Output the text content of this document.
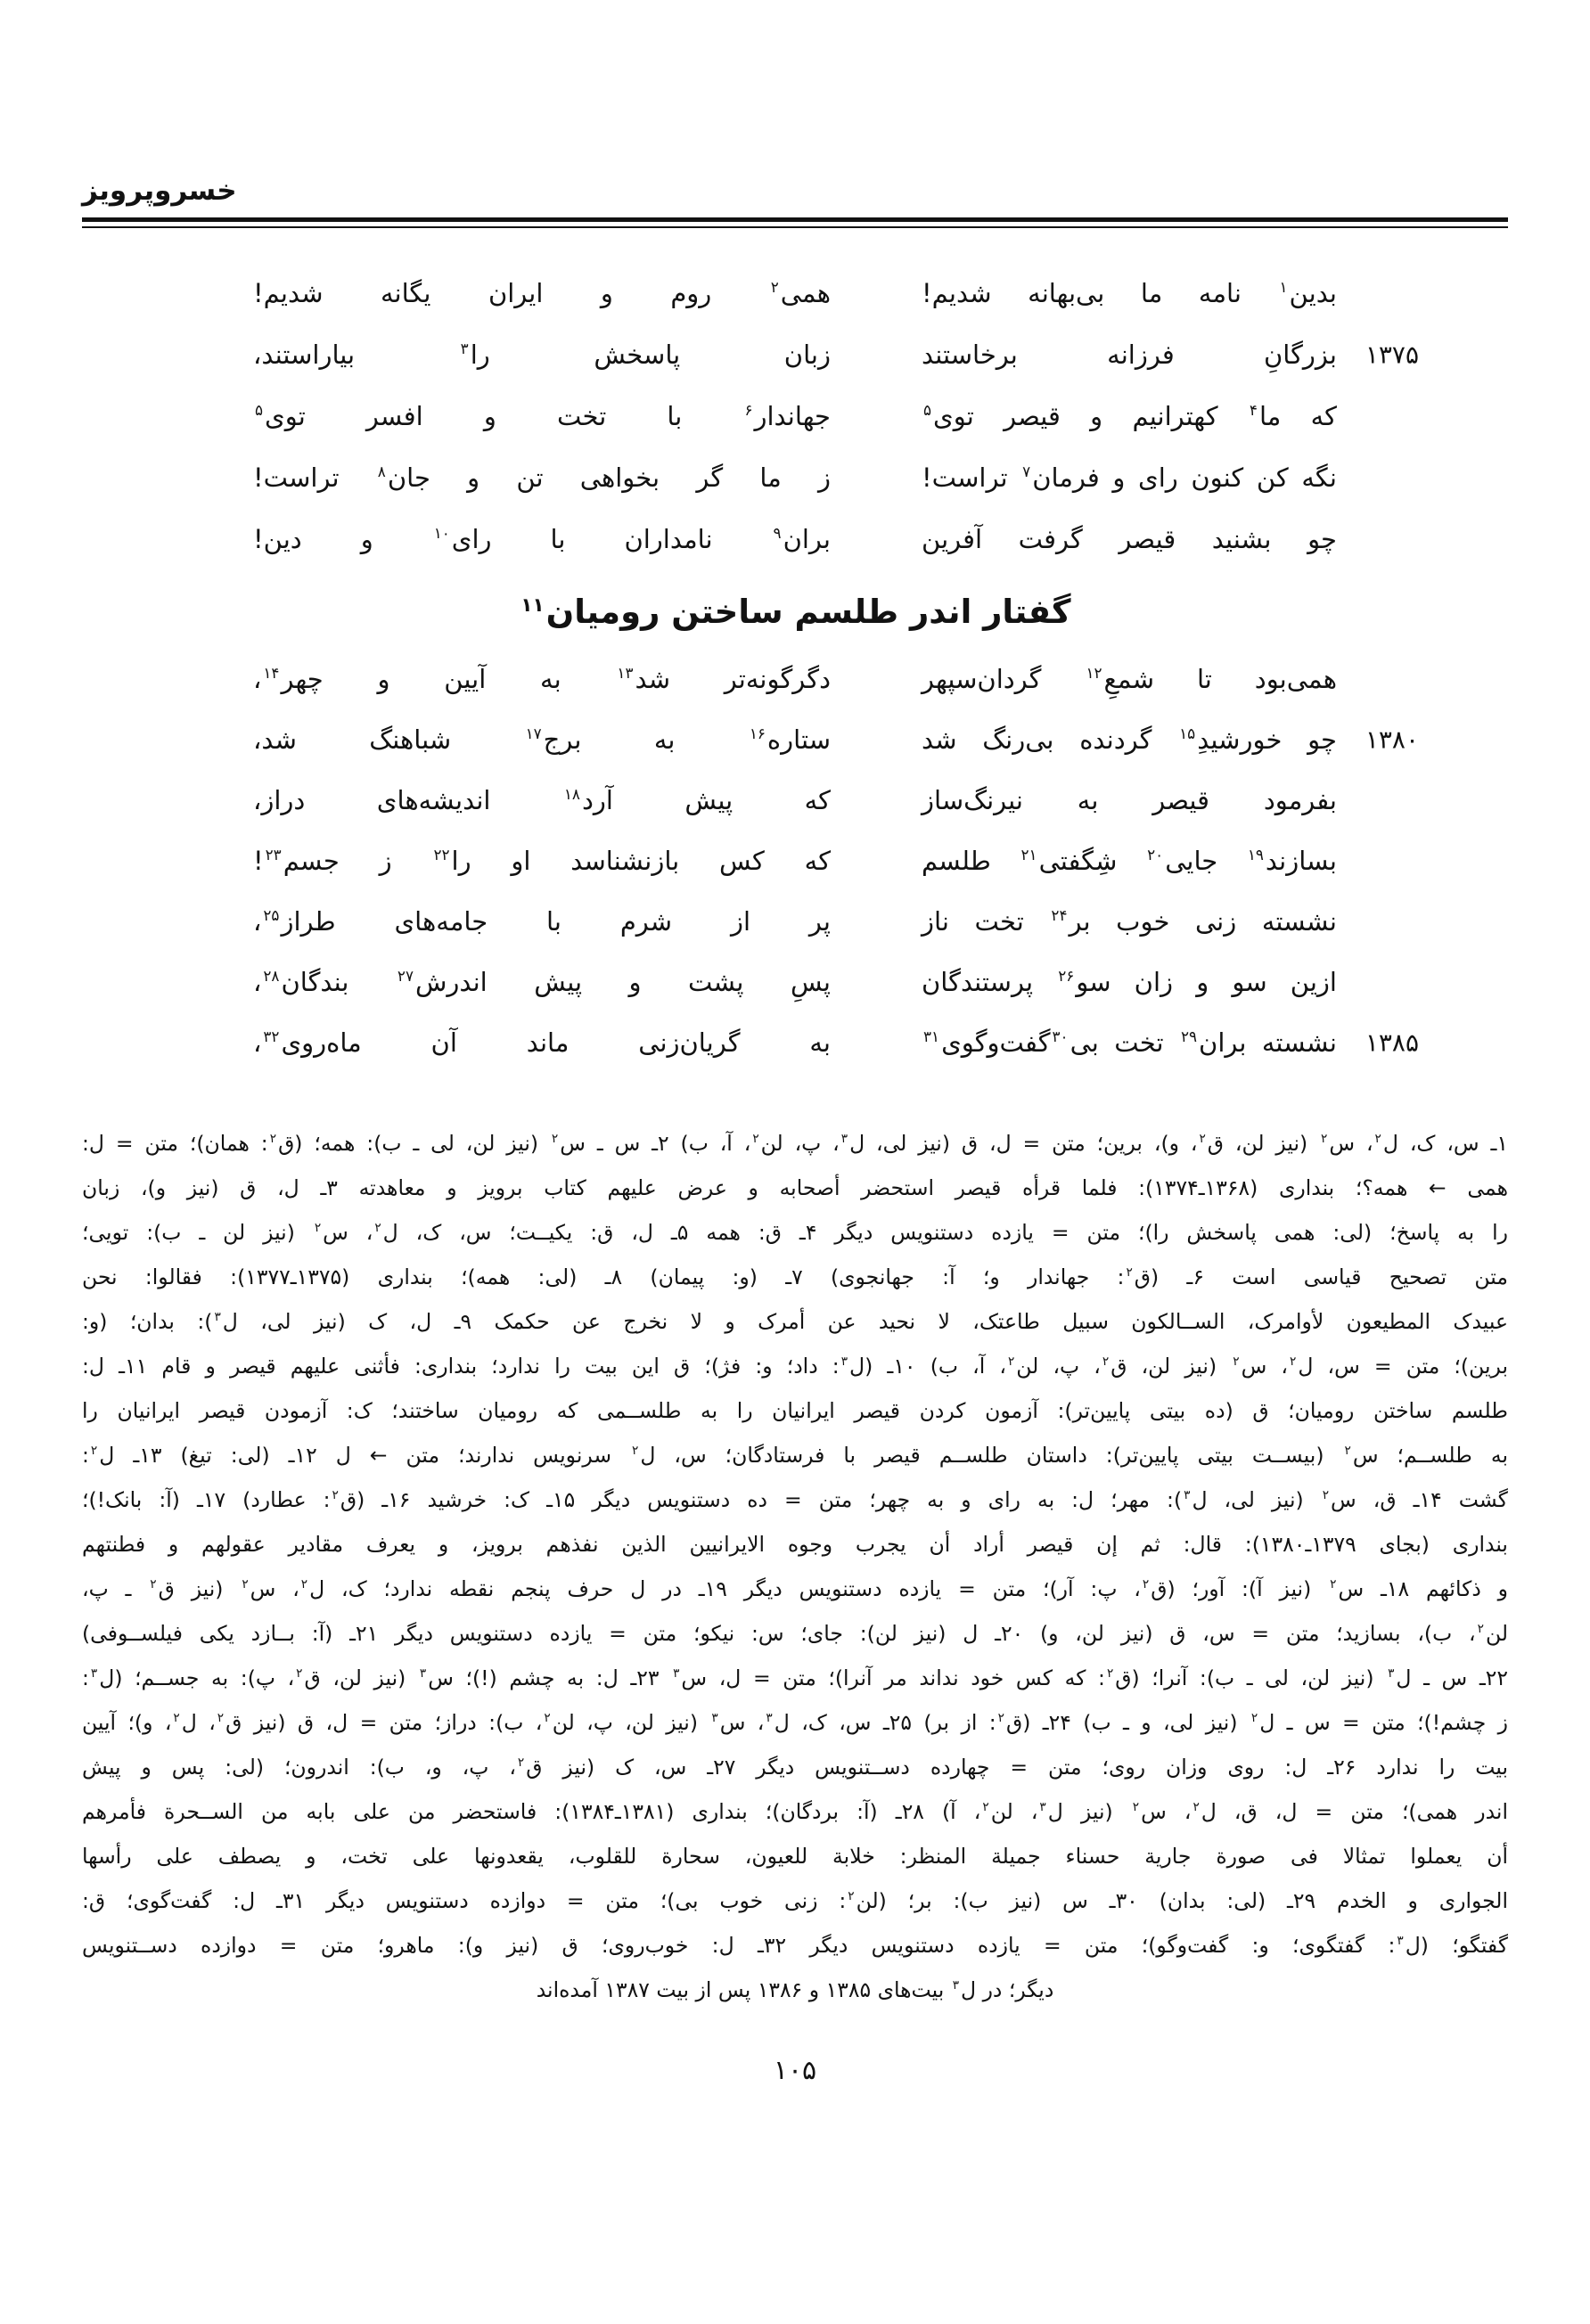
خسروپرویز
بدین$^۱$ نامه ما بی‌بهانه شدیم!
همی$^۲$ روم و ایران یگانه شدیم!
۱۳۷۵
بزرگانِ فرزانه برخاستند
زبان پاسخش را$^۳$ بیاراستند،
که ما$^۴$ کهترانیم و قیصر توی$^۵$
جهاندار$^۶$ با تخت و افسر توی$^۵$
نگه کن کنون رای و فرمان$^۷$ تراست!
ز ما گر بخواهی تن و جان$^۸$ تراست!
چو بشنید قیصر گرفت آفرین
بران$^۹$ نامداران با رای$^{۱۰}$ و دین!
گفتار اندر طلسم ساختن رومیان$^{۱۱}$
همی‌بود تا شمعِ$^{۱۲}$ گردان‌سپهر
دگرگونه‌تر شد$^{۱۳}$ به آیین و چهر$^{۱۴}$،
۱۳۸۰
چو خورشیدِ$^{۱۵}$ گردنده بی‌رنگ شد
ستاره$^{۱۶}$ به برج$^{۱۷}$ شباهنگ شد،
بفرمود قیصر به نیرنگ‌ساز
که پیش آرد$^{۱۸}$ اندیشه‌های دراز،
بسازند$^{۱۹}$ جایی$^{۲۰}$ شِگفتی$^{۲۱}$ طلسم
که کس بازنشناسد او را$^{۲۲}$ ز جسم$^{۲۳}$!
نشسته زنی خوب بر$^{۲۴}$ تخت ناز
پر از شرم با جامه‌های طراز$^{۲۵}$،
ازین سو و زان سو$^{۲۶}$ پرستندگان
پسِ پشت و پیش اندرش$^{۲۷}$ بندگان$^{۲۸}$،
۱۳۸۵
نشسته بران$^{۲۹}$ تخت بی$^{۳۰}$گفت‌وگوی$^{۳۱}$
به گریان‌زنی ماند آن ماه‌روی$^{۳۲}$،
۱ـ س، ک، ل$^۲$، س$^۲$ (نیز لن، ق$^۲$، و)، برین؛ متن = ل، ق (نیز لی، ل$^۳$، پ، لن$^۲$، آ، ب) ۲ـ س ـ س$^۲$ (نیز لن، لی ـ ب): همه؛ (ق$^۲$: همان)؛ متن = ل:
همی ← همه؟؛ بنداری (۱۳۶۸ـ۱۳۷۴): فلما قرأه قیصر استحضر أصحابه و عرض علیهم کتاب برویز و معاهدته ۳ـ ل، ق (نیز و)، زبان
را به پاسخ؛ (لی: همی پاسخش را)؛ متن = یازده دستنویس دیگر ۴ـ ق: همه ۵ـ ل، ق: یکیــت؛ س، ک، ل$^۲$، س$^۲$ (نیز لن ـ ب): تویی؛
متن تصحیح قیاسی است ۶ـ (ق$^۲$: جهاندار و؛ آ: جهانجوی) ۷ـ (و: پیمان) ۸ـ (لی: همه)؛ بنداری (۱۳۷۵ـ۱۳۷۷): فقالوا: نحن
عبیدک المطیعون لأوامرک، الســالکون سبیل طاعتک، لا نحید عن أمرک و لا نخرج عن حکمک ۹ـ ل، ک (نیز لی، ل$^۳$): بدان؛ (و:
برین)؛ متن = س، ل$^۲$، س$^۲$ (نیز لن، ق$^۲$، پ، لن$^۲$، آ، ب) ۱۰ـ (ل$^۳$: داد؛ و: فژ)؛ ق این بیت را ندارد؛ بنداری: فأثنی علیهم قیصر و قام ۱۱ـ ل:
طلسم ساختن رومیان؛ ق (ده بیتی پایین‌تر): آزمون کردن قیصر ایرانیان را به طلســمی که رومیان ساختند؛ ک: آزمودن قیصر ایرانیان را
به طلســم؛ س$^۲$ (بیســت بیتی پایین‌تر): داستان طلســم قیصر با فرستادگان؛ س، ل$^۲$ سرنویس ندارند؛ متن ← ل ۱۲ـ (لی: تیغ) ۱۳ـ ل$^۲$:
گشت ۱۴ـ ق، س$^۲$ (نیز لی، ل$^۳$): مهر؛ ل: به رای و به چهر؛ متن = ده دستنویس دیگر ۱۵ـ ک: خرشید ۱۶ـ (ق$^۲$: عطارد) ۱۷ـ (آ: بانک!)؛
بنداری (بجای ۱۳۷۹ـ۱۳۸۰): قال: ثم إن قیصر أراد أن یجرب وجوه الایرانیین الذین نفذهم برویز، و یعرف مقادیر عقولهم و فطنتهم
و ذکائهم ۱۸ـ س$^۲$ (نیز آ): آور؛ (ق$^۲$، پ: آر)؛ متن = یازده دستنویس دیگر ۱۹ـ در ل حرف پنجم نقطه ندارد؛ ک، ل$^۲$، س$^۲$ (نیز ق$^۲$ ـ پ،
لن$^۲$، ب)، بسازید؛ متن = س، ق (نیز لن، و) ۲۰ـ ل (نیز لن): جای؛ س: نیکو؛ متن = یازده دستنویس دیگر ۲۱ـ (آ: بــازد یکی فیلســوفی)
۲۲ـ س ـ ل$^۳$ (نیز لن، لی ـ ب): آنرا؛ (ق$^۲$: که کس خود نداند مر آنرا)؛ متن = ل، س$^۳$ ۲۳ـ ل: به چشم (!)؛ س$^۳$ (نیز لن، ق$^۲$، پ): به جســم؛ (ل$^۳$:
ز چشم!)؛ متن = س ـ ل$^۲$ (نیز لی، و ـ ب) ۲۴ـ (ق$^۲$: از بر) ۲۵ـ س، ک، ل$^۳$، س$^۳$ (نیز لن، پ، لن$^۲$، ب): دراز؛ متن = ل، ق (نیز ق$^۲$، ل$^۲$، و)؛ آیین
بیت را ندارد ۲۶ـ ل: روی وزان روی؛ متن = چهارده دســتنویس دیگر ۲۷ـ س، ک (نیز ق$^۲$، پ، و، ب): اندرون؛ (لی: پس و پیش
اندر همی)؛ متن = ل، ق، ل$^۲$، س$^۲$ (نیز ل$^۳$، لن$^۲$، آ) ۲۸ـ (آ: بردگان)؛ بنداری (۱۳۸۱ـ۱۳۸۴): فاستحضر من علی بابه من الســحرة فأمرهم
أن یعملوا تمثالا فی صورة جاریة حسناء جمیلة المنظر: خلابة للعیون، سحارة للقلوب، یقعدونها علی تخت، و یصطف علی رأسها
الجواری و الخدم ۲۹ـ (لی: بدان) ۳۰ـ س (نیز ب): بر؛ (لن$^۲$: زنی خوب بی)؛ متن = دوازده دستنویس دیگر ۳۱ـ ل: گفت‌گوی؛ ق:
گفتگو؛ (ل$^۳$: گفتگوی؛ و: گفت‌وگو)؛ متن = یازده دستنویس دیگر ۳۲ـ ل: خوب‌روی؛ ق (نیز و): ماهرو؛ متن = دوازده دســتنویس
دیگر؛ در ل$^۳$ بیت‌های ۱۳۸۵ و ۱۳۸۶ پس از بیت ۱۳۸۷ آمده‌اند
۱۰۵
